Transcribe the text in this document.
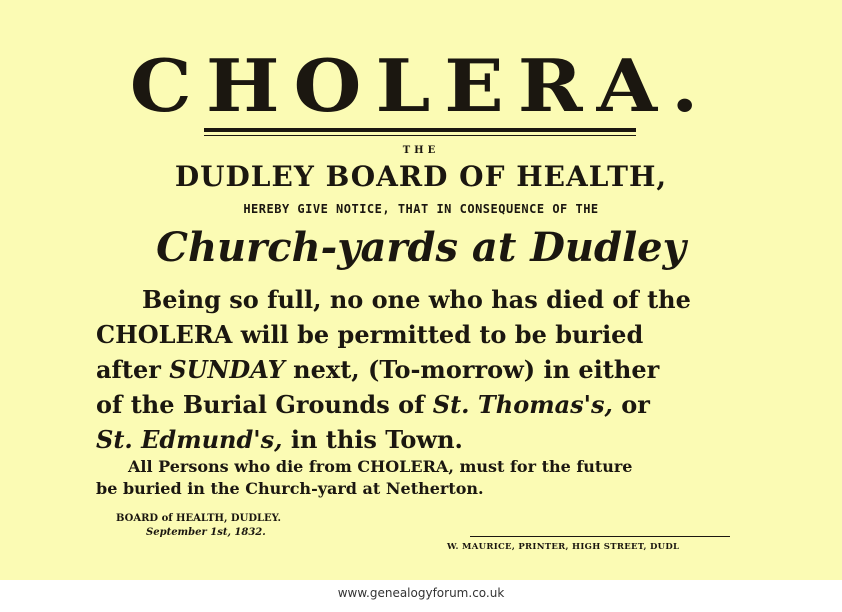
CHOLERA.
THE
DUDLEY BOARD OF HEALTH,
HEREBY GIVE NOTICE, THAT IN CONSEQUENCE OF THE
Church-yards at Dudley
Being so full, no one who has died of the
CHOLERA will be permitted to be buried
after SUNDAY next, (To-morrow) in either
of the Burial Grounds of St. Thomas's, or
St. Edmund's, in this Town.
All Persons who die from CHOLERA, must for the future
be buried in the Church-yard at Netherton.
BOARD of HEALTH, DUDLEY.
September 1st, 1832.
W. MAURICE, PRINTER, HIGH STREET, DUDL
www.genealogyforum.co.uk
